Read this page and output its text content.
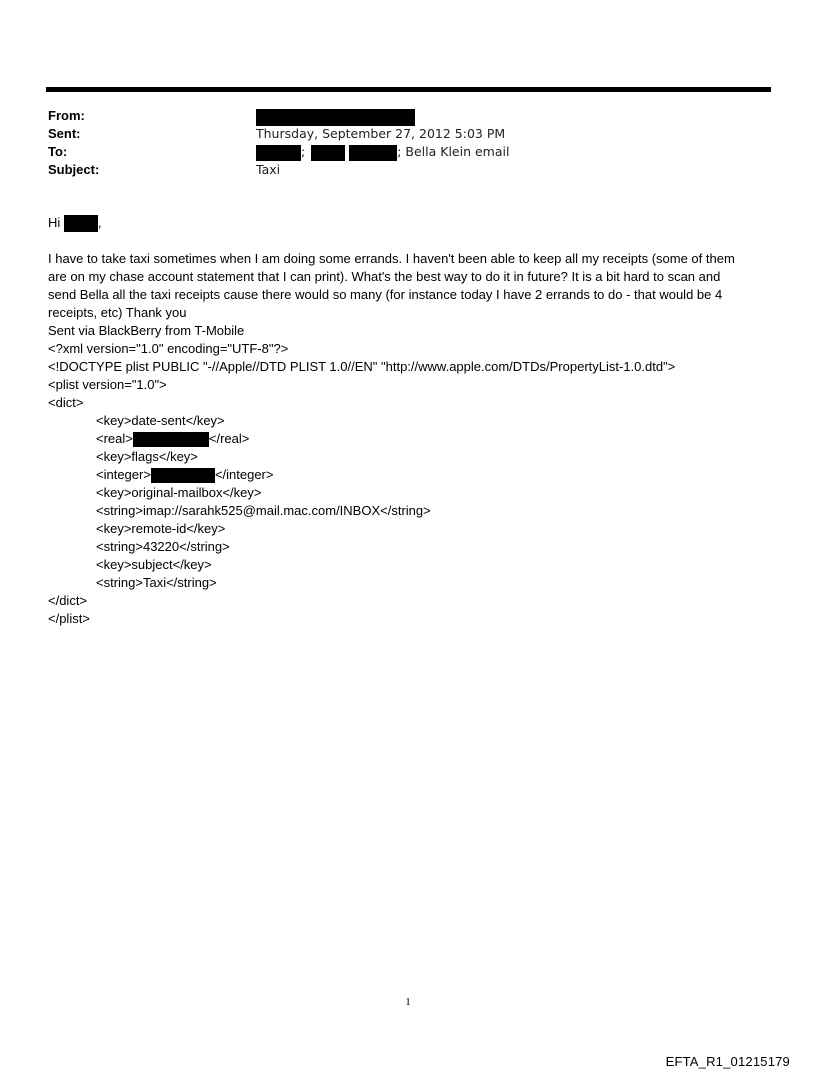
From:
Sent:	Thursday, September 27, 2012 5:03 PM
To:	;	; Bella Klein email
Subject:	Taxi
Hi	,
I have to take taxi sometimes when I am doing some errands. I haven't been able to keep all my receipts (some of them
are on my chase account statement that I can print). What's the best way to do it in future? It is a bit hard to scan and
send Bella all the taxi receipts cause there would so many (for instance today I have 2 errands to do - that would be 4
receipts, etc) Thank you
Sent via BlackBerry from T-Mobile
<?xml version="1.0" encoding="UTF-8"?>
<!DOCTYPE plist PUBLIC "-//Apple//DTD PLIST 1.0//EN" "http://www.apple.com/DTDs/PropertyList-1.0.dtd">
<plist version="1.0">
<dict>
<key>date-sent</key>
<real>	</real>
<key>flags</key>
<integer>	</integer>
<key>original-mailbox</key>
<string>imap://sarahk525@mail.mac.com/INBOX</string>
<key>remote-id</key>
<string>43220</string>
<key>subject</key>
<string>Taxi</string>
</dict>
</plist>
1
EFTA_R1_01215179
